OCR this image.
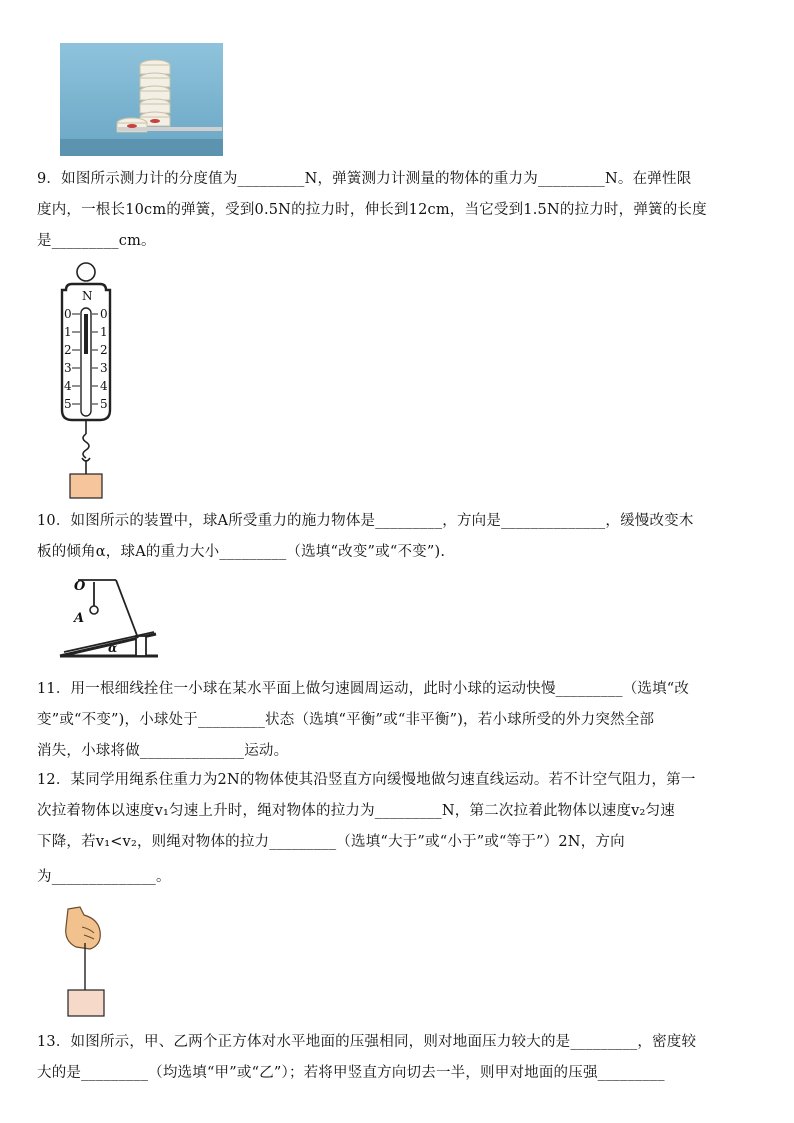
9．如图所示测力计的分度值为_________N，弹簧测力计测量的物体的重力为_________N。在弹性限
度内，一根长10cm的弹簧，受到0.5N的拉力时，伸长到12cm，当它受到1.5N的拉力时，弹簧的长度
是_________cm。
N
0
1
2
3
4
5
0
1
2
3
4
5
10．如图所示的装置中，球A所受重力的施力物体是_________，方向是______________，缓慢改变木
板的倾角α，球A的重力大小_________（选填“改变”或“不变”).
O
A
α
11．用一根细线拴住一小球在某水平面上做匀速圆周运动，此时小球的运动快慢_________（选填“改
变”或“不变”)，小球处于_________状态（选填“平衡”或“非平衡”)，若小球所受的外力突然全部
消失，小球将做______________运动。
12．某同学用绳系住重力为2N的物体使其沿竖直方向缓慢地做匀速直线运动。若不计空气阻力，第一
次拉着物体以速度v₁匀速上升时，绳对物体的拉力为_________N，第二次拉着此物体以速度v₂匀速
下降，若v₁<v₂，则绳对物体的拉力_________（选填“大于”或“小于”或“等于”）2N，方向
为______________。
13．如图所示，甲、乙两个正方体对水平地面的压强相同，则对地面压力较大的是_________，密度较
大的是_________（均选填“甲”或“乙”）；若将甲竖直方向切去一半，则甲对地面的压强_________
